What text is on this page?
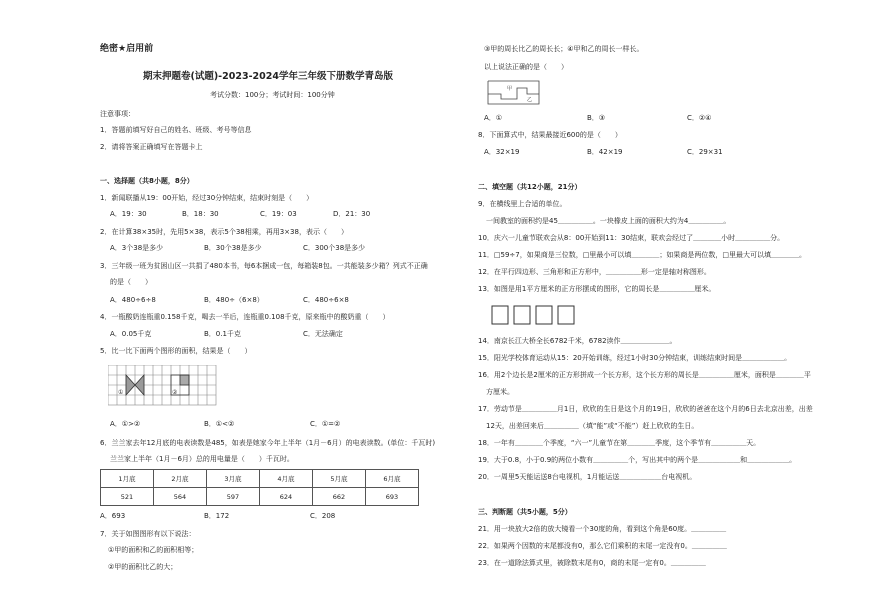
绝密★启用前
期末押题卷(试题)-2023-2024学年三年级下册数学青岛版
考试分数：100分；考试时间：100分钟
注意事项：
1．答题前填写好自己的姓名、班级、考号等信息
2．请将答案正确填写在答题卡上
一、选择题（共8小题，8分）
1．新闻联播从19：00开始，经过30分钟结束，结束时刻是（　　）
A．19：30	B．18：30	C．19：03	D．21：30
2．在计算38×35时，先用5×38，表示5个38相乘，再用3×38，表示（　　）
A．3个38是多少	B．30个38是多少	C．300个38是多少
3．三年级一班为贫困山区一共捐了480本书，每6本捆成一包，每箱装8包。一共能装多少箱？列式不正确
的是（　　）
A．480÷6÷8	B．480÷（6×8）	C．480÷6×8
4．一瓶酸奶连瓶重0.158千克，喝去一半后，连瓶重0.108千克，原来瓶中的酸奶重（　　）
A．0.05千克	B．0.1千克	C．无法确定
5．比一比下面两个图形的面积，结果是（　　）
①	②
A．①>②	B．①<②	C．①=②
6．兰兰家去年12月底的电表读数是485，如表是她家今年上半年（1月－6月）的电表读数。(单位：千瓦时)
兰兰家上半年（1月－6月）总的用电量是（　　）千瓦时。
1月底	2月底	3月底	4月底	5月底	6月底
521	564	597	624	662	693
A．693	B．172	C．208
7．关于如图图形有以下说法：
①甲的面积和乙的面积相等；
②甲的面积比乙的大；
③甲的周长比乙的周长长；④甲和乙的周长一样长。
以上说法正确的是（　　）
甲
乙
A．①	B．③	C．②④
8．下面算式中，结果最接近600的是（　　）
A．32×19	B．42×19	C．29×31
二、填空题（共12小题，21分）
9．在横线里上合适的单位。
一间教室的面积约是45＿＿＿＿＿。一块橡皮上面的面积大约为4＿＿＿＿＿。
10．庆六一儿童节联欢会从8：00开始到11：30结束，联欢会经过了＿＿＿＿小时＿＿＿＿＿分。
11．□59÷7，如果商是三位数，□里最小可以填＿＿＿＿；如果商是两位数，□里最大可以填＿＿＿＿。
12．在平行四边形、三角形和正方形中，＿＿＿＿＿形一定是轴对称图形。
13．如图是用1平方厘米的正方形摆成的图形，它的周长是＿＿＿＿＿厘米。
14．南京长江大桥全长6782千米，6782读作＿＿＿＿＿＿＿。
15．阳光学校体育运动从15：20开始训练，经过1小时30分钟结束，训练结束时间是＿＿＿＿＿＿。
16．用2个边长是2厘米的正方形拼成一个长方形，这个长方形的周长是＿＿＿＿＿厘米，面积是＿＿＿＿平
方厘米。
17．劳动节是＿＿＿＿＿月1日，欣欣的生日是这个月的19日，欣欣的爸爸在这个月的6日去北京出差，出差
12天，出差回来后＿＿＿＿＿（填“能”或“不能”）赶上欣欣的生日。
18．一年有＿＿＿＿个季度，“六一”儿童节在第＿＿＿＿季度，这个季节有＿＿＿＿＿天。
19．大于0.8，小于0.9的两位小数有＿＿＿＿＿个，写出其中的两个是＿＿＿＿＿＿和＿＿＿＿＿＿。
20．一周里5天能运送8台电视机，1月能运送＿＿＿＿＿＿台电视机。
三、判断题（共5小题，5分）
21．用一块放大2倍的放大镜看一个30度的角，看到这个角是60度。＿＿＿＿＿
22．如果两个因数的末尾都没有0，那么它们乘积的末尾一定没有0。＿＿＿＿＿
23．在一道除法算式里，被除数末尾有0，商的末尾一定有0。＿＿＿＿＿
